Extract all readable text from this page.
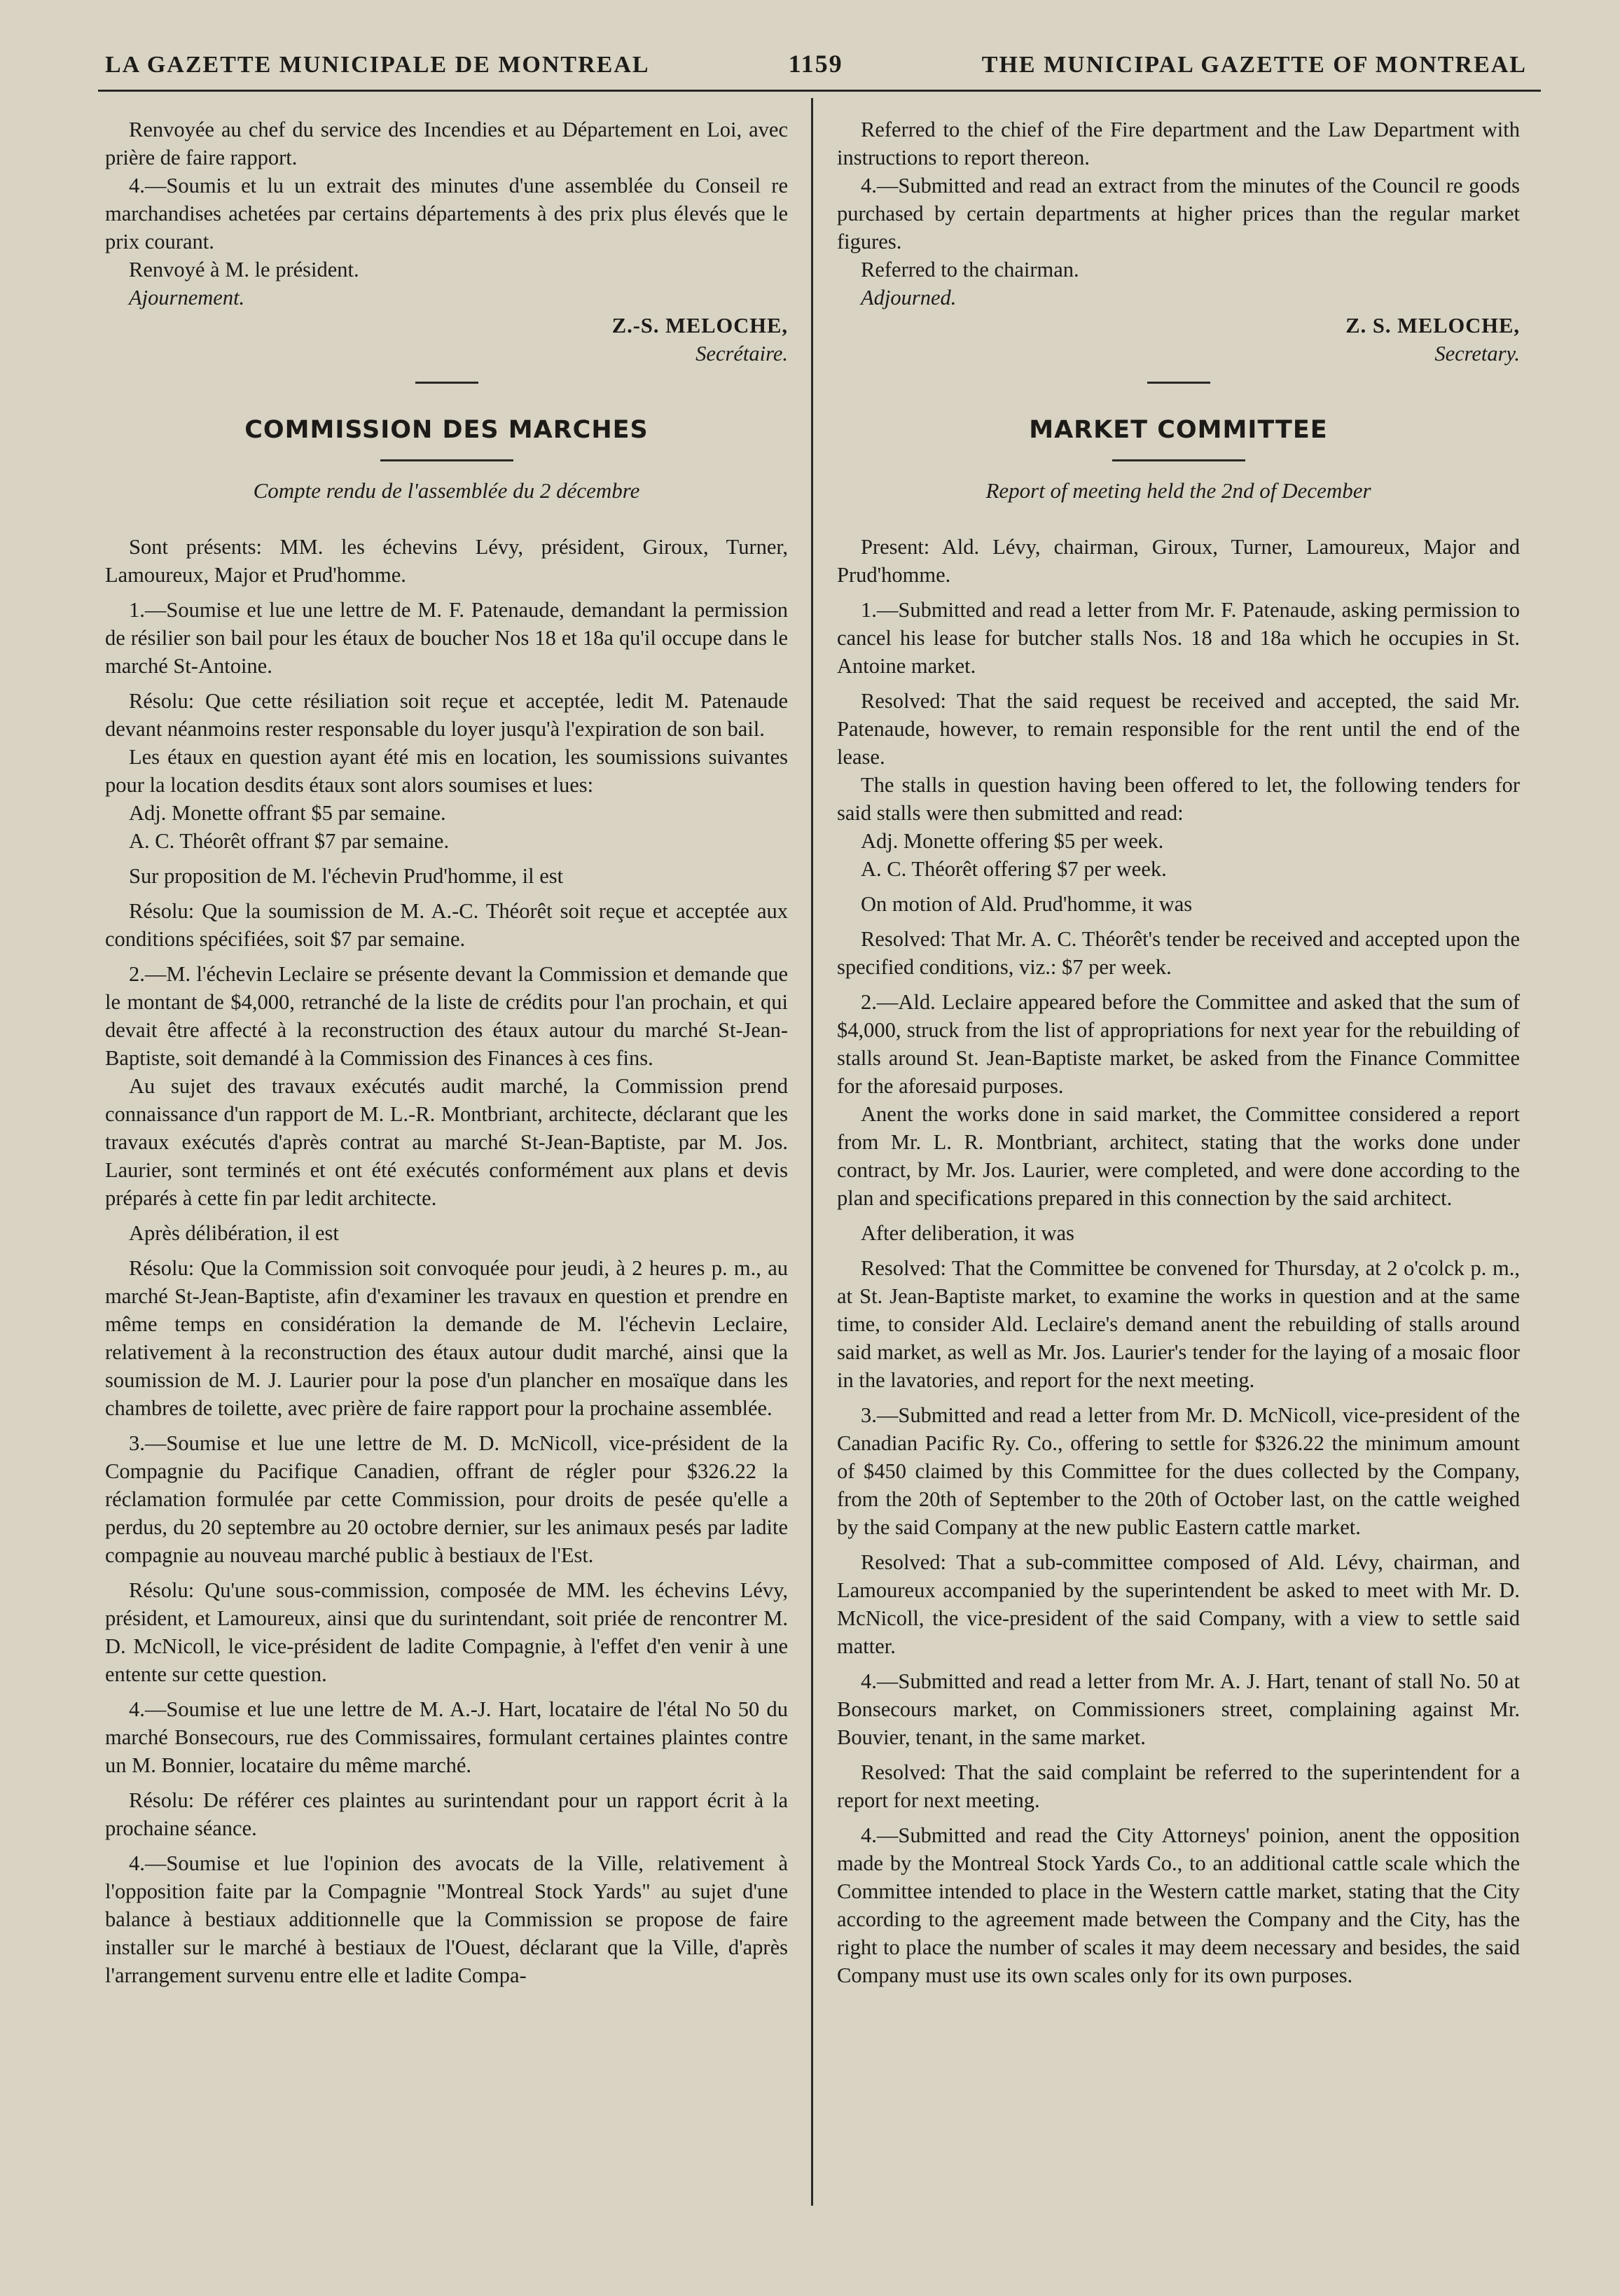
LA GAZETTE MUNICIPALE DE MONTREAL	1159	THE MUNICIPAL GAZETTE OF MONTREAL

Renvoyée au chef du service des Incendies et au Département en Loi, avec prière de faire rapport.

4.—Soumis et lu un extrait des minutes d'une assemblée du Conseil re marchandises achetées par certains départements à des prix plus élevés que le prix courant.

Renvoyé à M. le président.

Ajournement.

Z.-S. MELOCHE,

Secrétaire.

COMMISSION DES MARCHES
Compte rendu de l'assemblée du 2 décembre

Sont présents: MM. les échevins Lévy, président, Giroux, Turner, Lamoureux, Major et Prud'homme.

1.—Soumise et lue une lettre de M. F. Patenaude, demandant la permission de résilier son bail pour les étaux de boucher Nos 18 et 18a qu'il occupe dans le marché St-Antoine.

Résolu: Que cette résiliation soit reçue et acceptée, ledit M. Patenaude devant néanmoins rester responsable du loyer jusqu'à l'expiration de son bail.

Les étaux en question ayant été mis en location, les soumissions suivantes pour la location desdits étaux sont alors soumises et lues:

Adj. Monette offrant $5 par semaine.

A. C. Théorêt offrant $7 par semaine.

Sur proposition de M. l'échevin Prud'homme, il est

Résolu: Que la soumission de M. A.-C. Théorêt soit reçue et acceptée aux conditions spécifiées, soit $7 par semaine.

2.—M. l'échevin Leclaire se présente devant la Commission et demande que le montant de $4,000, retranché de la liste de crédits pour l'an prochain, et qui devait être affecté à la reconstruction des étaux autour du marché St-Jean-Baptiste, soit demandé à la Commission des Finances à ces fins.

Au sujet des travaux exécutés audit marché, la Commission prend connaissance d'un rapport de M. L.-R. Montbriant, architecte, déclarant que les travaux exécutés d'après contrat au marché St-Jean-Baptiste, par M. Jos. Laurier, sont terminés et ont été exécutés conformément aux plans et devis préparés à cette fin par ledit architecte.

Après délibération, il est

Résolu: Que la Commission soit convoquée pour jeudi, à 2 heures p. m., au marché St-Jean-Baptiste, afin d'examiner les travaux en question et prendre en même temps en considération la demande de M. l'échevin Leclaire, relativement à la reconstruction des étaux autour dudit marché, ainsi que la soumission de M. J. Laurier pour la pose d'un plancher en mosaïque dans les chambres de toilette, avec prière de faire rapport pour la prochaine assemblée.

3.—Soumise et lue une lettre de M. D. McNicoll, vice-président de la Compagnie du Pacifique Canadien, offrant de régler pour $326.22 la réclamation formulée par cette Commission, pour droits de pesée qu'elle a perdus, du 20 septembre au 20 octobre dernier, sur les animaux pesés par ladite compagnie au nouveau marché public à bestiaux de l'Est.

Résolu: Qu'une sous-commission, composée de MM. les échevins Lévy, président, et Lamoureux, ainsi que du surintendant, soit priée de rencontrer M. D. McNicoll, le vice-président de ladite Compagnie, à l'effet d'en venir à une entente sur cette question.

4.—Soumise et lue une lettre de M. A.-J. Hart, locataire de l'étal No 50 du marché Bonsecours, rue des Commissaires, formulant certaines plaintes contre un M. Bonnier, locataire du même marché.

Résolu: De référer ces plaintes au surintendant pour un rapport écrit à la prochaine séance.

4.—Soumise et lue l'opinion des avocats de la Ville, relativement à l'opposition faite par la Compagnie "Montreal Stock Yards" au sujet d'une balance à bestiaux additionnelle que la Commission se propose de faire installer sur le marché à bestiaux de l'Ouest, déclarant que la Ville, d'après l'arrangement survenu entre elle et ladite Compa-

Referred to the chief of the Fire department and the Law Department with instructions to report thereon.

4.—Submitted and read an extract from the minutes of the Council re goods purchased by certain departments at higher prices than the regular market figures.

Referred to the chairman.

Adjourned.

Z. S. MELOCHE,

Secretary.

MARKET COMMITTEE
Report of meeting held the 2nd of December

Present: Ald. Lévy, chairman, Giroux, Turner, Lamoureux, Major and Prud'homme.

1.—Submitted and read a letter from Mr. F. Patenaude, asking permission to cancel his lease for butcher stalls Nos. 18 and 18a which he occupies in St. Antoine market.

Resolved: That the said request be received and accepted, the said Mr. Patenaude, however, to remain responsible for the rent until the end of the lease.

The stalls in question having been offered to let, the following tenders for said stalls were then submitted and read:

Adj. Monette offering $5 per week.

A. C. Théorêt offering $7 per week.

On motion of Ald. Prud'homme, it was

Resolved: That Mr. A. C. Théorêt's tender be received and accepted upon the specified conditions, viz.: $7 per week.

2.—Ald. Leclaire appeared before the Committee and asked that the sum of $4,000, struck from the list of appropriations for next year for the rebuilding of stalls around St. Jean-Baptiste market, be asked from the Finance Committee for the aforesaid purposes.

Anent the works done in said market, the Committee considered a report from Mr. L. R. Montbriant, architect, stating that the works done under contract, by Mr. Jos. Laurier, were completed, and were done according to the plan and specifications prepared in this connection by the said architect.

After deliberation, it was

Resolved: That the Committee be convened for Thursday, at 2 o'colck p. m., at St. Jean-Baptiste market, to examine the works in question and at the same time, to consider Ald. Leclaire's demand anent the rebuilding of stalls around said market, as well as Mr. Jos. Laurier's tender for the laying of a mosaic floor in the lavatories, and report for the next meeting.

3.—Submitted and read a letter from Mr. D. McNicoll, vice-president of the Canadian Pacific Ry. Co., offering to settle for $326.22 the minimum amount of $450 claimed by this Committee for the dues collected by the Company, from the 20th of September to the 20th of October last, on the cattle weighed by the said Company at the new public Eastern cattle market.

Resolved: That a sub-committee composed of Ald. Lévy, chairman, and Lamoureux accompanied by the superintendent be asked to meet with Mr. D. McNicoll, the vice-president of the said Company, with a view to settle said matter.

4.—Submitted and read a letter from Mr. A. J. Hart, tenant of stall No. 50 at Bonsecours market, on Commissioners street, complaining against Mr. Bouvier, tenant, in the same market.

Resolved: That the said complaint be referred to the superintendent for a report for next meeting.

4.—Submitted and read the City Attorneys' poinion, anent the opposition made by the Montreal Stock Yards Co., to an additional cattle scale which the Committee intended to place in the Western cattle market, stating that the City according to the agreement made between the Company and the City, has the right to place the number of scales it may deem necessary and besides, the said Company must use its own scales only for its own purposes.
